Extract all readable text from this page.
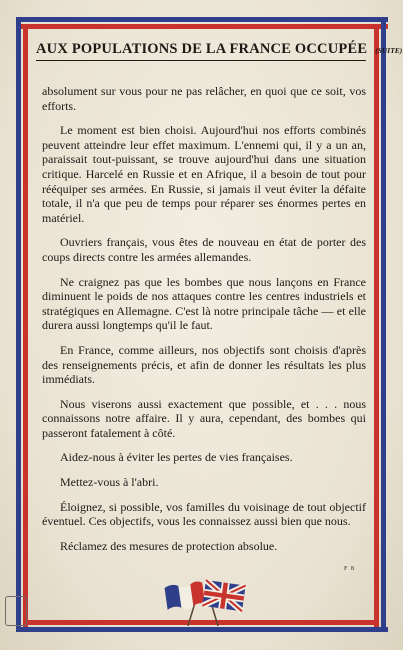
AUX POPULATIONS DE LA FRANCE OCCUPÉE (SUITE)

absolument sur vous pour ne pas relâcher, en quoi que ce soit, vos efforts.

Le moment est bien choisi. Aujourd'hui nos efforts combinés peuvent atteindre leur effet maximum. L'ennemi qui, il y a un an, paraissait tout-puissant, se trouve aujourd'hui dans une situation critique. Harcelé en Russie et en Afrique, il a besoin de tout pour rééquiper ses armées. En Russie, si jamais il veut éviter la défaite totale, il n'a que peu de temps pour réparer ses énormes pertes en matériel.

Ouvriers français, vous êtes de nouveau en état de porter des coups directs contre les armées allemandes.

Ne craignez pas que les bombes que nous lançons en France diminuent le poids de nos attaques contre les centres industriels et stratégiques en Allemagne. C'est là notre principale tâche — et elle durera aussi longtemps qu'il le faut.

En France, comme ailleurs, nos objectifs sont choisis d'après des renseignements précis, et afin de donner les résultats les plus immédiats.

Nous viserons aussi exactement que possible, et . . . nous connaissons notre affaire. Il y aura, cependant, des bombes qui passeront fatalement à côté.

Aidez-nous à éviter les pertes de vies françaises.

Mettez-vous à l'abri.

Éloignez, si possible, vos familles du voisinage de tout objectif éventuel. Ces objectifs, vous les connaissez aussi bien que nous.

Réclamez des mesures de protection absolue.

F 8
